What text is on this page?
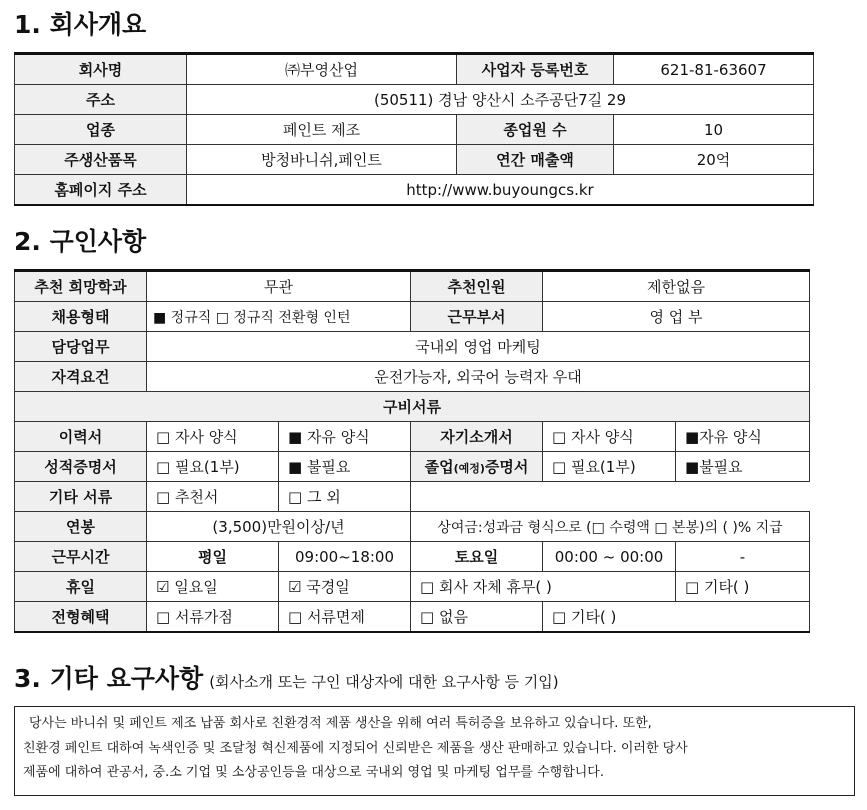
1. 회사개요
회사명	㈜부영산업	사업자 등록번호	621-81-63607
주소	(50511) 경남 양산시 소주공단7길 29		
업종	페인트 제조	종업원 수	10
주생산품목	방청바니쉬,페인트	연간 매출액	20억
홈페이지 주소	http://www.buyoungcs.kr		
2. 구인사항
추천 희망학과	무관		추천인원	제한없음	
채용형태	■ 정규직 □ 정규직 전환형 인턴		근무부서	영 업 부	
담당업무	국내외 영업 마케팅				
자격요건	운전가능자, 외국어 능력자 우대				
구비서류					
이력서	□ 자사 양식	■ 자유 양식	자기소개서	□ 자사 양식	■자유 양식
성적증명서	□ 필요(1부)	■ 불필요	졸업(예정)증명서	□ 필요(1부)	■불필요
기타 서류	□ 추천서	□ 그 외			
연봉	(3,500)만원이상/년		상여금:성과금 형식으로 (□ 수령액 □ 본봉)의 ( )% 지급		
근무시간	평일	09:00~18:00	토요일	00:00 ~ 00:00	-
휴일	☑ 일요일	☑ 국경일	□ 회사 자체 휴무( )		□ 기타( )
전형혜택	□ 서류가점	□ 서류면제	□ 없음	□ 기타( )	
3. 기타 요구사항 (회사소개 또는 구인 대상자에 대한 요구사항 등 기입)

당사는 바니쉬 및 페인트 제조 납품 회사로 친환경적 제품 생산을 위해 여러 특허증을 보유하고 있습니다. 또한,

친환경 페인트 대하여 녹색인증 및 조달청 혁신제품에 지정되어 신뢰받은 제품을 생산 판매하고 있습니다. 이러한 당사

제품에 대하여 관공서, 중.소 기업 및 소상공인등을 대상으로 국내외 영업 및 마케팅 업무를 수행합니다.
